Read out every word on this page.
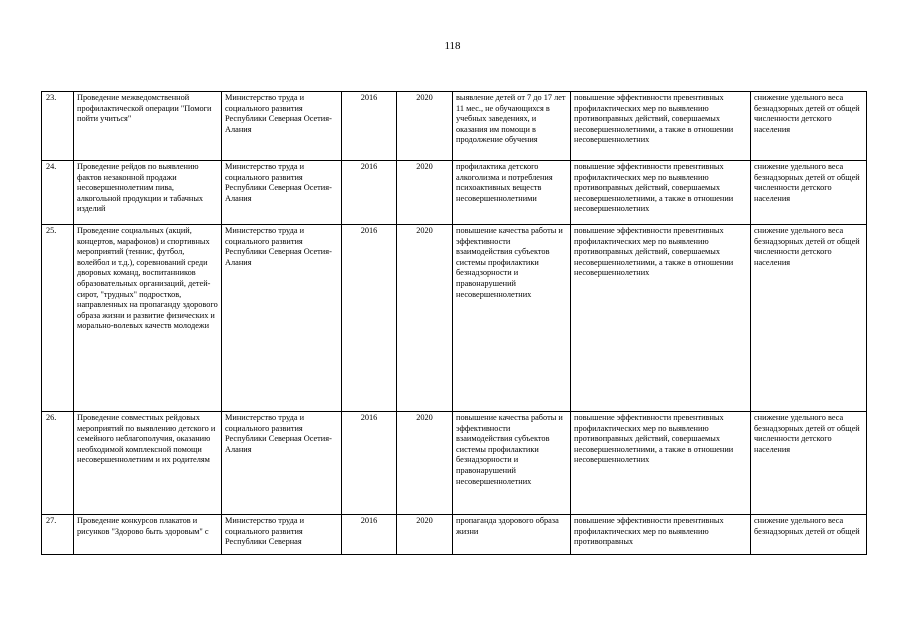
118
23.	Проведение межведомственной профилактической операции "Помоги пойти учиться"	Министерство труда и социального развития Республики Северная Осетия-Алания	2016	2020	выявление детей от 7 до 17 лет 11 мес., не обучающихся в учебных заведениях, и оказания им помощи в продолжение обучения	повышение эффективности превентивных профилактических мер по выявлению противоправных действий, совершаемых несовершеннолетними, а также в отношении несовершеннолетних	снижение удельного веса безнадзорных детей от общей численности детского населения
24.	Проведение рейдов по выявлению фактов незаконной продажи несовершеннолетним пива, алкогольной продукции и табачных изделий	Министерство труда и социального развития Республики Северная Осетия-Алания	2016	2020	профилактика детского алкоголизма и потребления психоактивных веществ несовершеннолетними	повышение эффективности превентивных профилактических мер по выявлению противоправных действий, совершаемых несовершеннолетними, а также в отношении несовершеннолетних	снижение удельного веса безнадзорных детей от общей численности детского населения
25.	Проведение социальных (акций, концертов, марафонов) и спортивных мероприятий (теннис, футбол, волейбол и т.д.), соревнований среди дворовых команд, воспитанников образовательных организаций, детей-сирот, "трудных" подростков, направленных на пропаганду здорового образа жизни и развитие физических и морально-волевых качеств молодежи	Министерство труда и социального развития Республики Северная Осетия-Алания	2016	2020	повышение качества работы и эффективности взаимодействия субъектов системы профилактики безнадзорности и правонарушений несовершеннолетних	повышение эффективности превентивных профилактических мер по выявлению противоправных действий, совершаемых несовершеннолетними, а также в отношении несовершеннолетних	снижение удельного веса безнадзорных детей от общей численности детского населения
26.	Проведение совместных рейдовых мероприятий по выявлению детского и семейного неблагополучия, оказанию необходимой комплексной помощи несовершеннолетним и их родителям	Министерство труда и социального развития Республики Северная Осетия-Алания	2016	2020	повышение качества работы и эффективности взаимодействия субъектов системы профилактики безнадзорности и правонарушений несовершеннолетних	повышение эффективности превентивных профилактических мер по выявлению противоправных действий, совершаемых несовершеннолетними, а также в отношении несовершеннолетних	снижение удельного веса безнадзорных детей от общей численности детского населения
27.	Проведение конкурсов плакатов и рисунков "Здорово быть здоровым" с	Министерство труда и социального развития Республики Северная	2016	2020	пропаганда здорового образа жизни	повышение эффективности превентивных профилактических мер по выявлению противоправных	снижение удельного веса безнадзорных детей от общей
